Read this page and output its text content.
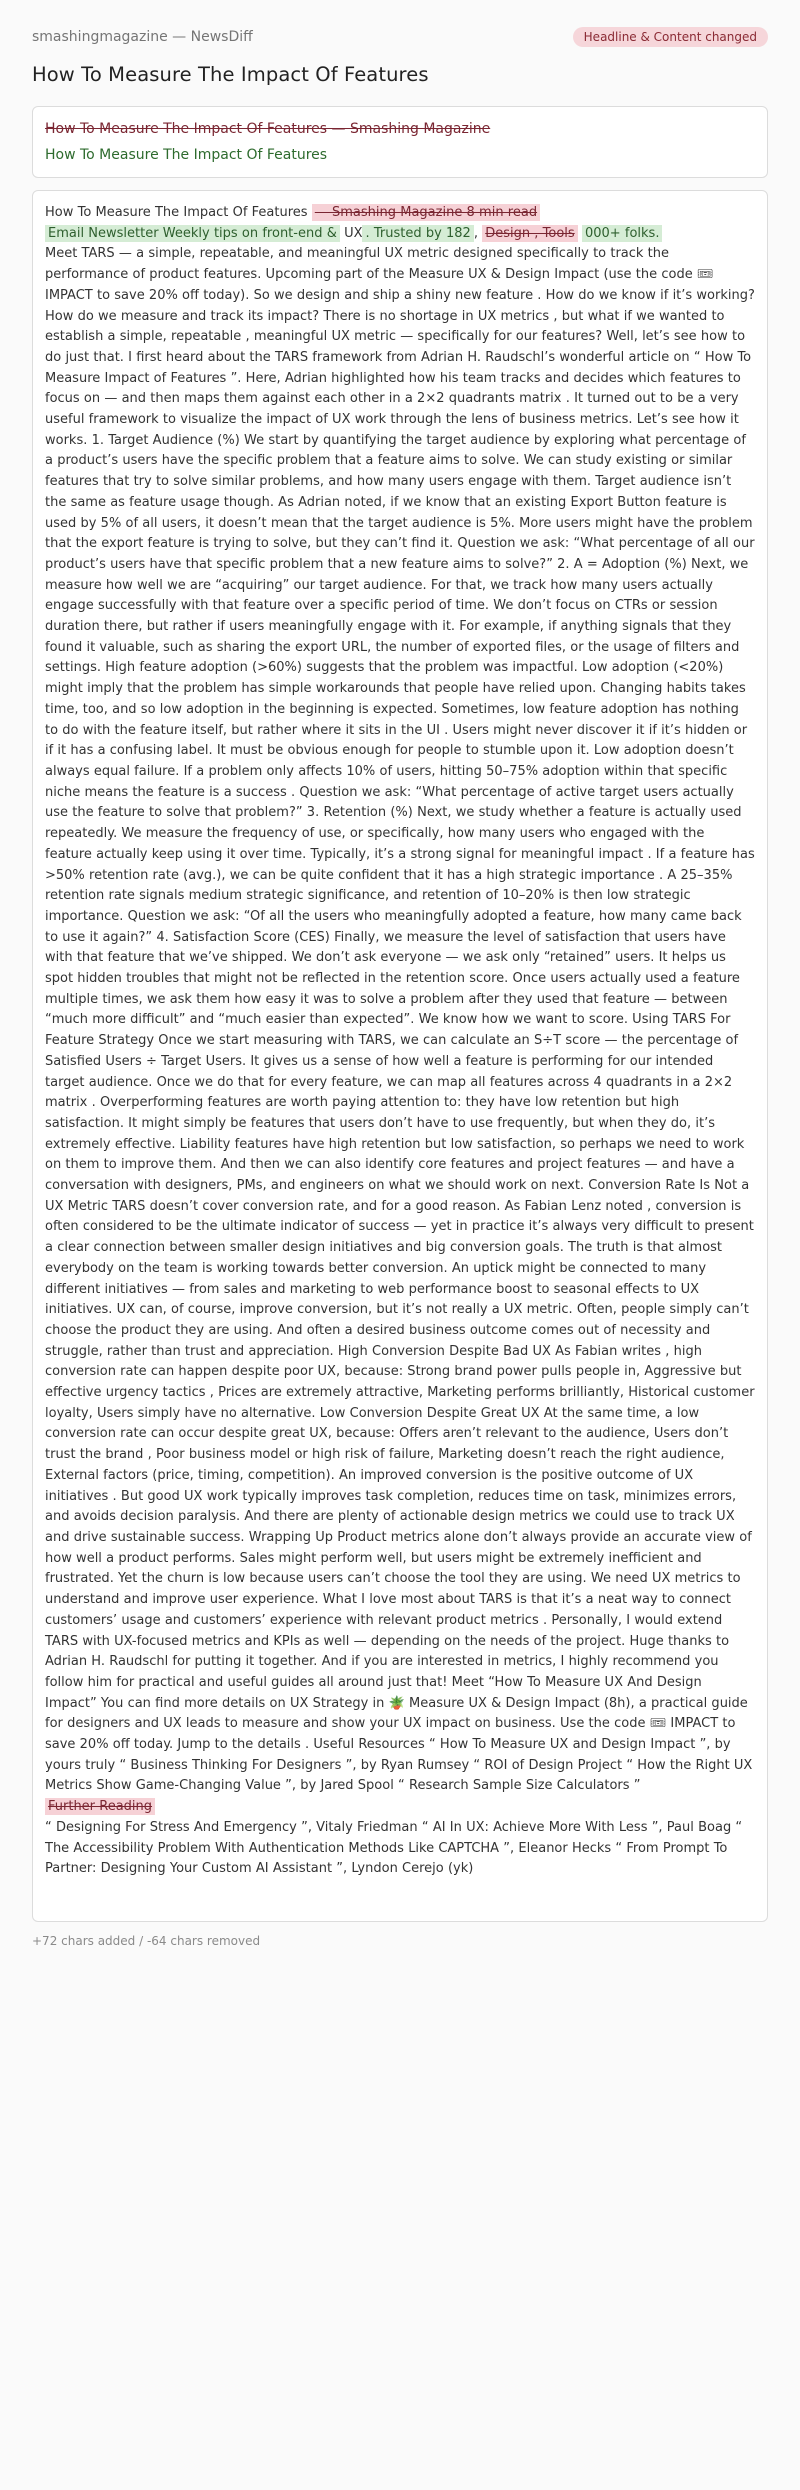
smashingmagazine — NewsDiff	Headline & Content changed
How To Measure The Impact Of Features
How To Measure The Impact Of Features — Smashing Magazine
How To Measure The Impact Of Features
How To Measure The Impact Of Features — Smashing Magazine 8 min read
Email Newsletter Weekly tips on front-end & UX . Trusted by 182 , Design , Tools 000+ folks.
Meet TARS — a simple, repeatable, and meaningful UX metric designed specifically to track the performance of product features. Upcoming part of the Measure UX & Design Impact (use the code 🎟 IMPACT to save 20% off today). So we design and ship a shiny new feature . How do we know if it’s working? How do we measure and track its impact? There is no shortage in UX metrics , but what if we wanted to establish a simple, repeatable , meaningful UX metric — specifically for our features? Well, let’s see how to do just that. I first heard about the TARS framework from Adrian H. Raudschl’s wonderful article on “ How To Measure Impact of Features ”. Here, Adrian highlighted how his team tracks and decides which features to focus on — and then maps them against each other in a 2×2 quadrants matrix . It turned out to be a very useful framework to visualize the impact of UX work through the lens of business metrics. Let’s see how it works. 1. Target Audience (%) We start by quantifying the target audience by exploring what percentage of a product’s users have the specific problem that a feature aims to solve. We can study existing or similar features that try to solve similar problems, and how many users engage with them. Target audience isn’t the same as feature usage though. As Adrian noted, if we know that an existing Export Button feature is used by 5% of all users, it doesn’t mean that the target audience is 5%. More users might have the problem that the export feature is trying to solve, but they can’t find it. Question we ask: “What percentage of all our product’s users have that specific problem that a new feature aims to solve?” 2. A = Adoption (%) Next, we measure how well we are “acquiring” our target audience. For that, we track how many users actually engage successfully with that feature over a specific period of time. We don’t focus on CTRs or session duration there, but rather if users meaningfully engage with it. For example, if anything signals that they found it valuable, such as sharing the export URL, the number of exported files, or the usage of filters and settings. High feature adoption (>60%) suggests that the problem was impactful. Low adoption (<20%) might imply that the problem has simple workarounds that people have relied upon. Changing habits takes time, too, and so low adoption in the beginning is expected. Sometimes, low feature adoption has nothing to do with the feature itself, but rather where it sits in the UI . Users might never discover it if it’s hidden or if it has a confusing label. It must be obvious enough for people to stumble upon it. Low adoption doesn’t always equal failure. If a problem only affects 10% of users, hitting 50–75% adoption within that specific niche means the feature is a success . Question we ask: “What percentage of active target users actually use the feature to solve that problem?” 3. Retention (%) Next, we study whether a feature is actually used repeatedly. We measure the frequency of use, or specifically, how many users who engaged with the feature actually keep using it over time. Typically, it’s a strong signal for meaningful impact . If a feature has >50% retention rate (avg.), we can be quite confident that it has a high strategic importance . A 25–35% retention rate signals medium strategic significance, and retention of 10–20% is then low strategic importance. Question we ask: “Of all the users who meaningfully adopted a feature, how many came back to use it again?” 4. Satisfaction Score (CES) Finally, we measure the level of satisfaction that users have with that feature that we’ve shipped. We don’t ask everyone — we ask only “retained” users. It helps us spot hidden troubles that might not be reflected in the retention score. Once users actually used a feature multiple times, we ask them how easy it was to solve a problem after they used that feature — between “much more difficult” and “much easier than expected”. We know how we want to score. Using TARS For Feature Strategy Once we start measuring with TARS, we can calculate an S÷T score — the percentage of Satisfied Users ÷ Target Users. It gives us a sense of how well a feature is performing for our intended target audience. Once we do that for every feature, we can map all features across 4 quadrants in a 2×2 matrix . Overperforming features are worth paying attention to: they have low retention but high satisfaction. It might simply be features that users don’t have to use frequently, but when they do, it’s extremely effective. Liability features have high retention but low satisfaction, so perhaps we need to work on them to improve them. And then we can also identify core features and project features — and have a conversation with designers, PMs, and engineers on what we should work on next. Conversion Rate Is Not a UX Metric TARS doesn’t cover conversion rate, and for a good reason. As Fabian Lenz noted , conversion is often considered to be the ultimate indicator of success — yet in practice it’s always very difficult to present a clear connection between smaller design initiatives and big conversion goals. The truth is that almost everybody on the team is working towards better conversion. An uptick might be connected to many different initiatives — from sales and marketing to web performance boost to seasonal effects to UX initiatives. UX can, of course, improve conversion, but it’s not really a UX metric. Often, people simply can’t choose the product they are using. And often a desired business outcome comes out of necessity and struggle, rather than trust and appreciation. High Conversion Despite Bad UX As Fabian writes , high conversion rate can happen despite poor UX, because: Strong brand power pulls people in, Aggressive but effective urgency tactics , Prices are extremely attractive, Marketing performs brilliantly, Historical customer loyalty, Users simply have no alternative. Low Conversion Despite Great UX At the same time, a low conversion rate can occur despite great UX, because: Offers aren’t relevant to the audience, Users don’t trust the brand , Poor business model or high risk of failure, Marketing doesn’t reach the right audience, External factors (price, timing, competition). An improved conversion is the positive outcome of UX initiatives . But good UX work typically improves task completion, reduces time on task, minimizes errors, and avoids decision paralysis. And there are plenty of actionable design metrics we could use to track UX and drive sustainable success. Wrapping Up Product metrics alone don’t always provide an accurate view of how well a product performs. Sales might perform well, but users might be extremely inefficient and frustrated. Yet the churn is low because users can’t choose the tool they are using. We need UX metrics to understand and improve user experience. What I love most about TARS is that it’s a neat way to connect customers’ usage and customers’ experience with relevant product metrics . Personally, I would extend TARS with UX-focused metrics and KPIs as well — depending on the needs of the project. Huge thanks to Adrian H. Raudschl for putting it together. And if you are interested in metrics, I highly recommend you follow him for practical and useful guides all around just that! Meet “How To Measure UX And Design Impact” You can find more details on UX Strategy in 🪴 Measure UX & Design Impact (8h), a practical guide for designers and UX leads to measure and show your UX impact on business. Use the code 🎟 IMPACT to save 20% off today. Jump to the details . Useful Resources “ How To Measure UX and Design Impact ”, by yours truly “ Business Thinking For Designers ”, by Ryan Rumsey “ ROI of Design Project “ How the Right UX Metrics Show Game-Changing Value ”, by Jared Spool “ Research Sample Size Calculators ”
Further Reading
“ Designing For Stress And Emergency ”, Vitaly Friedman “ AI In UX: Achieve More With Less ”, Paul Boag “ The Accessibility Problem With Authentication Methods Like CAPTCHA ”, Eleanor Hecks “ From Prompt To Partner: Designing Your Custom AI Assistant ”, Lyndon Cerejo (yk)
+72 chars added / -64 chars removed
